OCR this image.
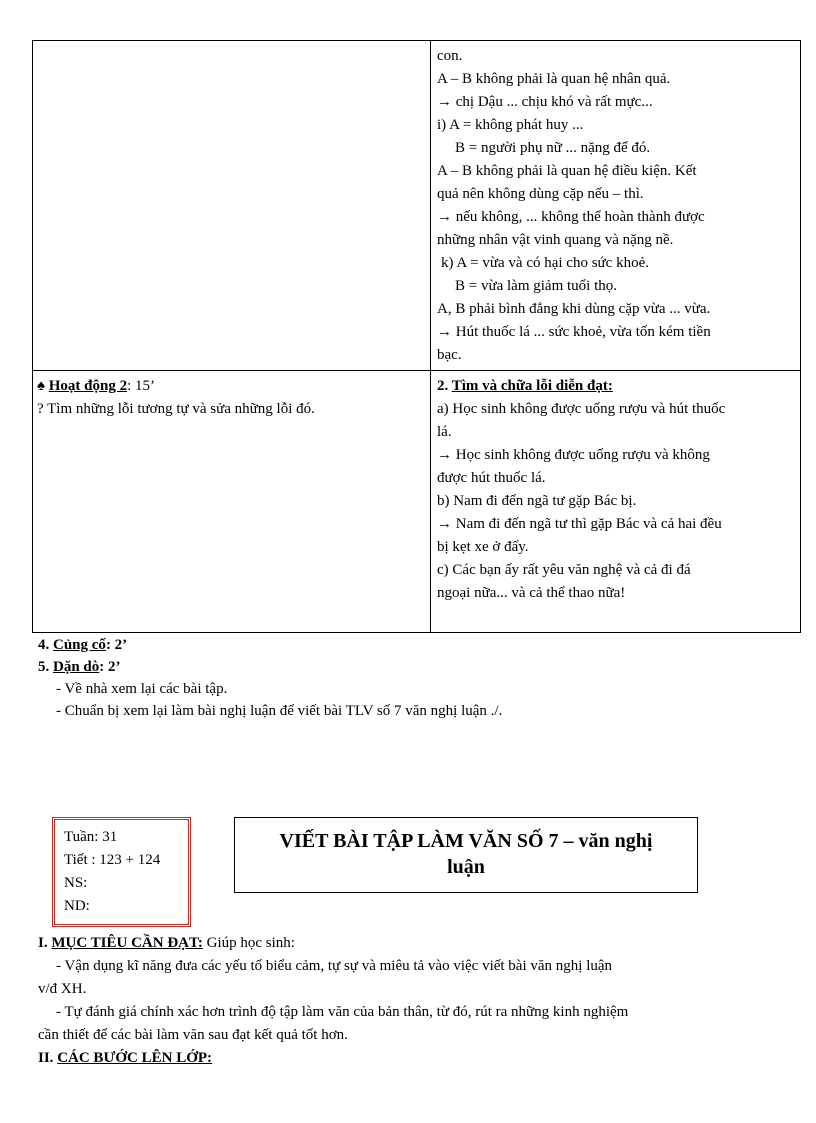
con.
A – B không phải là quan hệ nhân quả.
→ chị Dậu ... chịu khó và rất mực...
i) A = không phát huy ...
B = người phụ nữ ... nặng để đó.
A – B không phải là quan hệ điều kiện. Kết
quả nên không dùng cặp nếu – thì.
→ nếu không, ... không thể hoàn thành được
những nhân vật vinh quang và nặng nề.
k) A = vừa và có hại cho sức khoẻ.
B = vừa làm giảm tuổi thọ.
A, B phải bình đẳng khi dùng cặp vừa ... vừa.
→ Hút thuốc lá ... sức khoẻ, vừa tốn kém tiền
bạc.
♠ Hoạt động 2: 15’
? Tìm những lỗi tương tự và sửa những lỗi đó.
2. Tìm và chữa lỗi diễn đạt:
a) Học sinh không được uống rượu và hút thuốc
lá.
→ Học sinh không được uống rượu và không
được hút thuốc lá.
b) Nam đi đến ngã tư gặp Bác bị.
→ Nam đi đến ngã tư thì gặp Bác và cả hai đều
bị kẹt xe ở đấy.
c) Các bạn ấy rất yêu văn nghệ và cả đi đá
ngoại nữa... và cả thể thao nữa!
4. Củng cố: 2’
5. Dặn dò: 2’
- Về nhà xem lại các bài tập.
- Chuẩn bị xem lại làm bài nghị luận để viết bài TLV số 7 văn nghị luận ./.
Tuần: 31
Tiết : 123 + 124
NS:
ND:
VIẾT BÀI TẬP LÀM VĂN SỐ 7 – văn nghị
luận
I. MỤC TIÊU CẦN ĐẠT: Giúp học sinh:
- Vận dụng kĩ năng đưa các yếu tố biểu cảm, tự sự và miêu tả vào việc viết bài văn nghị luận
v/đ XH.
- Tự đánh giá chính xác hơn trình độ tập làm văn của bản thân, từ đó, rút ra những kinh nghiệm
cần thiết để các bài làm văn sau đạt kết quả tốt hơn.
II. CÁC BƯỚC LÊN LỚP:
